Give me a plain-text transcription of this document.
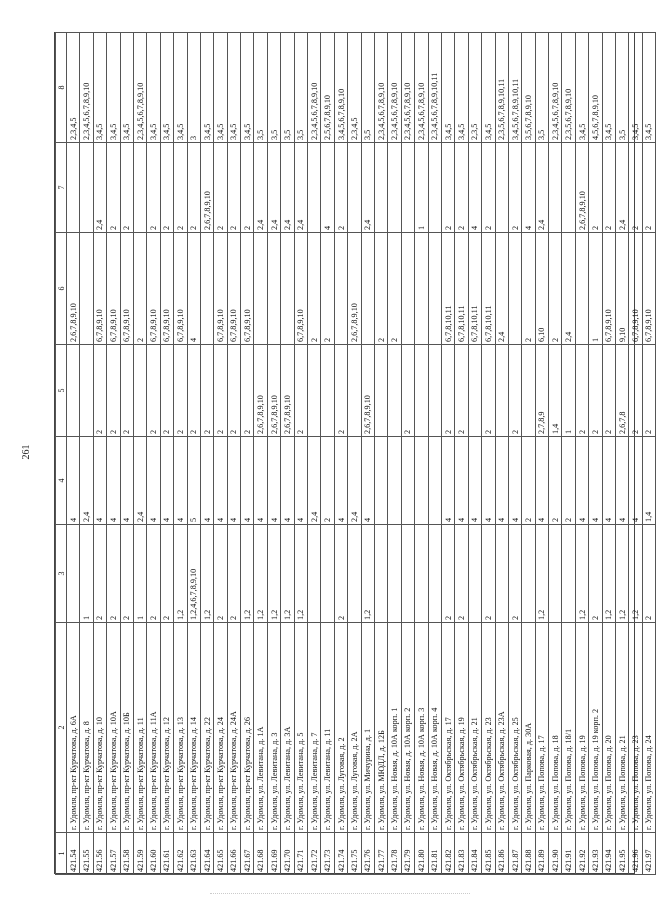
261
1	2	3	4	5	6	7	8
421.54	г. Удомля, пр-кт Курчатова, д. 6А		4		2,6,7,8,9,10		2,3,4,5
421.55	г. Удомля, пр-кт Курчатова, д. 8	1	2,4				2,3,4,5,6,7,8,9,10
421.56	г. Удомля, пр-кт Курчатова, д. 10	2	4	2	6,7,8,9,10	2,4	3,4,5
421.57	г. Удомля, пр-кт Курчатова, д. 10А	2	4	2	6,7,8,9,10	2	3,4,5
421.58	г. Удомля, пр-кт Курчатова, д. 10Б	2	4	2	6,7,8,9,10	2	3,4,5
421.59	г. Удомля, пр-кт Курчатова, д. 11	1	2,4		2		2,3,4,5,6,7,8,9,10
421.60	г. Удомля, пр-кт Курчатова, д. 11А	2	4	2	6,7,8,9,10	2	3,4,5
421.61	г. Удомля, пр-кт Курчатова, д. 12	2	4	2	6,7,8,9,10	2	3,4,5
421.62	г. Удомля, пр-кт Курчатова, д. 13	1,2	4	2	6,7,8,9,10	2	3,4,5
421.63	г. Удомля, пр-кт Курчатова, д. 14	1,2,4,6,7,8,9,10	5	2	4	2	3
421.64	г. Удомля, пр-кт Курчатова, д. 22	1,2	4	2		2,6,7,8,9,10	3,4,5
421.65	г. Удомля, пр-кт Курчатова, д. 24	2	4	2	6,7,8,9,10	2	3,4,5
421.66	г. Удомля, пр-кт Курчатова, д. 24А	2	4	2	6,7,8,9,10	2	3,4,5
421.67	г. Удомля, пр-кт Курчатова, д. 26	1,2	4	2	6,7,8,9,10	2	3,4,5
421.68	г. Удомля, ул. Левитана, д. 1А	1,2	4	2,6,7,8,9,10		2,4	3,5
421.69	г. Удомля, ул. Левитана, д. 3	1,2	4	2,6,7,8,9,10		2,4	3,5
421.70	г. Удомля, ул. Левитана, д. 3А	1,2	4	2,6,7,8,9,10		2,4	3,5
421.71	г. Удомля, ул. Левитана, д. 5	1,2	4	2	6,7,8,9,10	2,4	3,5
421.72	г. Удомля, ул. Левитана, д. 7		2,4		2		2,3,4,5,6,7,8,9,10
421.73	г. Удомля, ул. Левитана, д. 11		2		2	4	2,5,6,7,8,9,10
421.74	г. Удомля, ул. Луговая, д. 2	2	4	2		2	3,4,5,6,7,8,9,10
421.75	г. Удомля, ул. Луговая, д. 2А		2,4		2,6,7,8,9,10		2,3,4,5
421.76	г. Удомля, ул. Мичурина, д. 1	1,2	4	2,6,7,8,9,10		2,4	3,5
421.77	г. Удомля, ул. МЮДЛ, д. 12Б				2		2,3,4,5,6,7,8,9,10
421.78	г. Удомля, ул. Новая, д. 10А корп. 1				2		2,3,4,5,6,7,8,9,10
421.79	г. Удомля, ул. Новая, д. 10А корп. 2			2			2,3,4,5,6,7,8,9,10
421.80	г. Удомля, ул. Новая, д. 10А корп. 3					1	2,3,4,5,6,7,8,9,10
421.81	г. Удомля, ул. Новая, д. 10А корп. 4						2,3,4,5,6,7,8,9,10,11
421.82	г. Удомля, ул. Октябрьская, д. 17	2	4	2	6,7,8,10,11	2	3,4,5
421.83	г. Удомля, ул. Октябрьская, д. 19	2	4	2	6,7,8,10,11	2	3,4,5
421.84	г. Удомля, ул. Октябрьская, д. 21		4		6,7,8,10,11	4	2,3,5
421.85	г. Удомля, ул. Октябрьская, д. 23	2	4	2	6,7,8,10,11	2	3,4,5
421.86	г. Удомля, ул. Октябрьская, д. 23А		4		2,4		2,3,5,6,7,8,9,10,11
421.87	г. Удомля, ул. Октябрьская, д. 25	2	4	2		2	3,4,5,6,7,8,9,10,11
421.88	г. Удомля, ул. Парковая, д. 30А		2		2	4	3,5,6,7,8,9,10
421.89	г. Удомля, ул. Попова, д. 17	1,2	4	2,7,8,9	6,10	2,4	3,5
421.90	г. Удомля, ул. Попова, д. 18		2	1,4	2		2,3,4,5,6,7,8,9,10
421.91	г. Удомля, ул. Попова, д. 18/1		2	1	2,4		2,3,5,6,7,8,9,10
421.92	г. Удомля, ул. Попова, д. 19	1,2	4	2		2,6,7,8,9,10	3,4,5
421.93	г. Удомля, ул. Попова, д. 19 корп. 2	2	4	2	1	2	4,5,6,7,8,9,10
421.94	г. Удомля, ул. Попова, д. 20	1,2	4	2	6,7,8,9,10	2	3,4,5
421.95	г. Удомля, ул. Попова, д. 21	1,2	4	2,6,7,8	9,10	2,4	3,5
421.96	г. Удомля, ул. Попова, д. 23	1,2	4	2	6,7,8,9,10	2	3,4,5
421.97	г. Удомля, ул. Попова, д. 24	2	1,4	2	6,7,8,9,10	2	3,4,5
